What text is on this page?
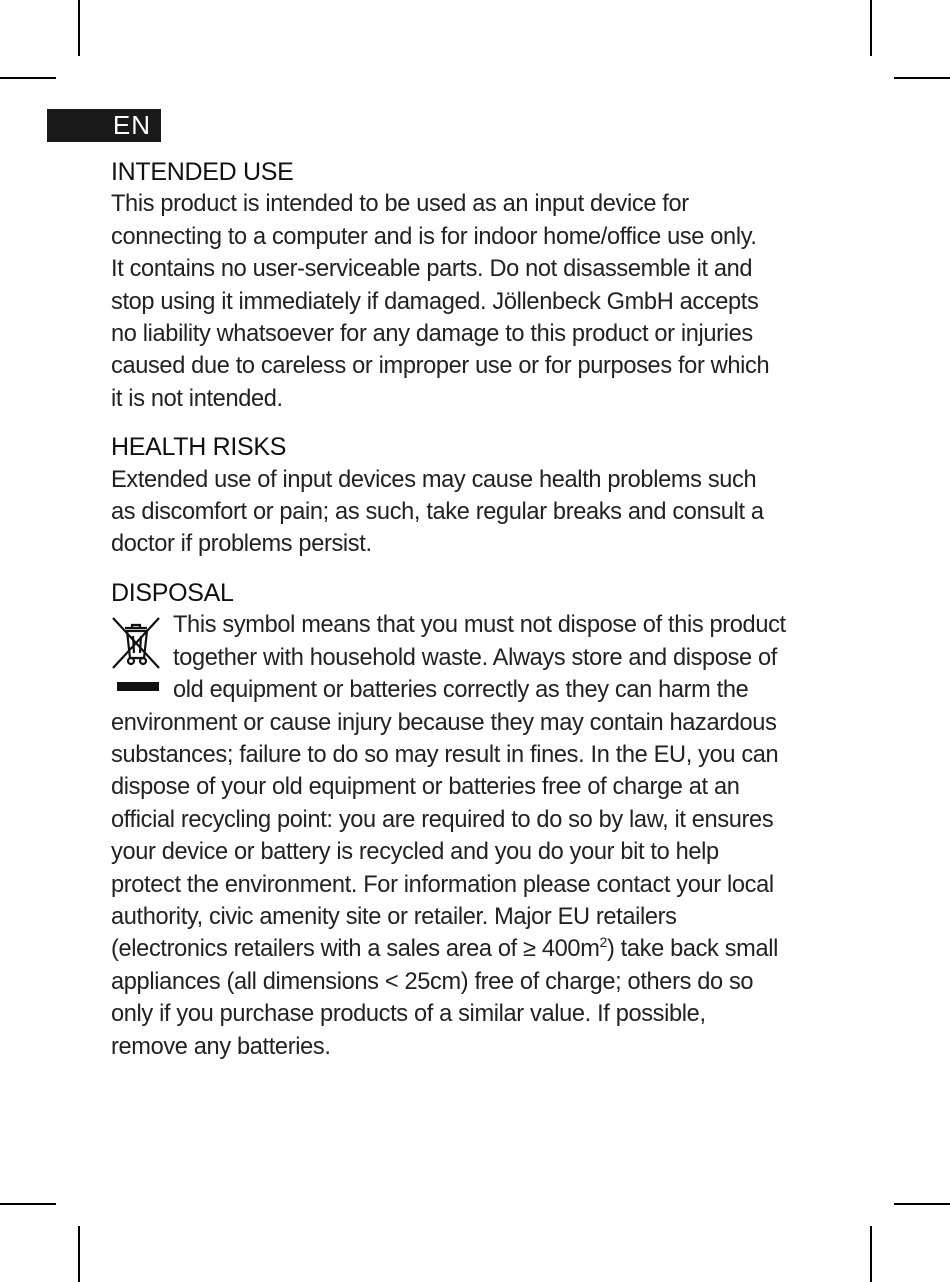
EN
INTENDED USE

This product is intended to be used as an input device for
connecting to a computer and is for indoor home/office use only.
It contains no user-serviceable parts. Do not disassemble it and
stop using it immediately if damaged. Jöllenbeck GmbH accepts
no liability whatsoever for any damage to this product or injuries
caused due to careless or improper use or for purposes for which
it is not intended.

HEALTH RISKS

Extended use of input devices may cause health problems such
as discomfort or pain; as such, take regular breaks and consult a
doctor if problems persist.

DISPOSAL

This symbol means that you must not dispose of this product
together with household waste. Always store and dispose of
old equipment or batteries correctly as they can harm the
environment or cause injury because they may contain hazardous
substances; failure to do so may result in fines. In the EU, you can
dispose of your old equipment or batteries free of charge at an
official recycling point: you are required to do so by law, it ensures
your device or battery is recycled and you do your bit to help
protect the environment. For information please contact your local
authority, civic amenity site or retailer. Major EU retailers
(electronics retailers with a sales area of ≥ $400m^2$) take back small
appliances (all dimensions < 25cm) free of charge; others do so
only if you purchase products of a similar value. If possible,
remove any batteries.
